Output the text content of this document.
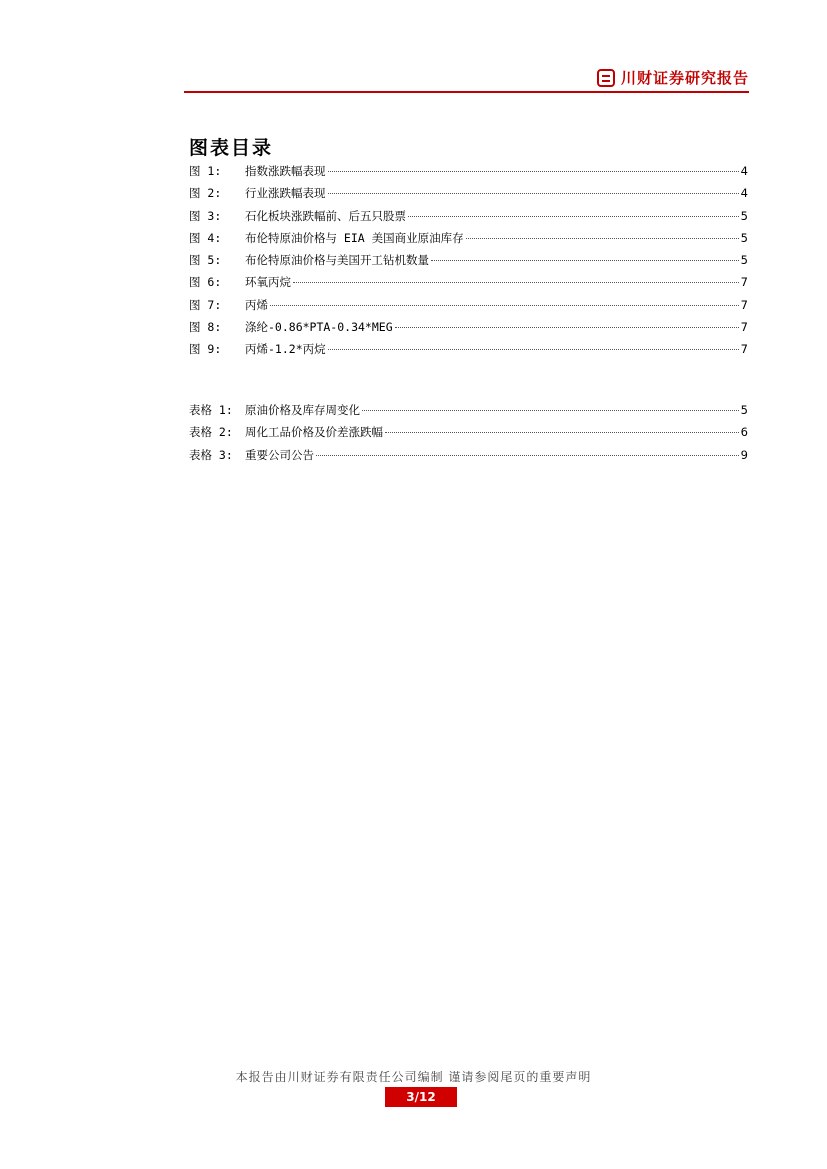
川财证券研究报告
图表目录
图 1:	指数涨跌幅表现	4
图 2:	行业涨跌幅表现	4
图 3:	石化板块涨跌幅前、后五只股票	5
图 4:	布伦特原油价格与 EIA 美国商业原油库存	5
图 5:	布伦特原油价格与美国开工钻机数量	5
图 6:	环氧丙烷	7
图 7:	丙烯	7
图 8:	涤纶-0.86*PTA-0.34*MEG	7
图 9:	丙烯-1.2*丙烷	7
表格 1:	原油价格及库存周变化	5
表格 2:	周化工品价格及价差涨跌幅	6
表格 3:	重要公司公告	9
本报告由川财证券有限责任公司编制 谨请参阅尾页的重要声明
3/12
